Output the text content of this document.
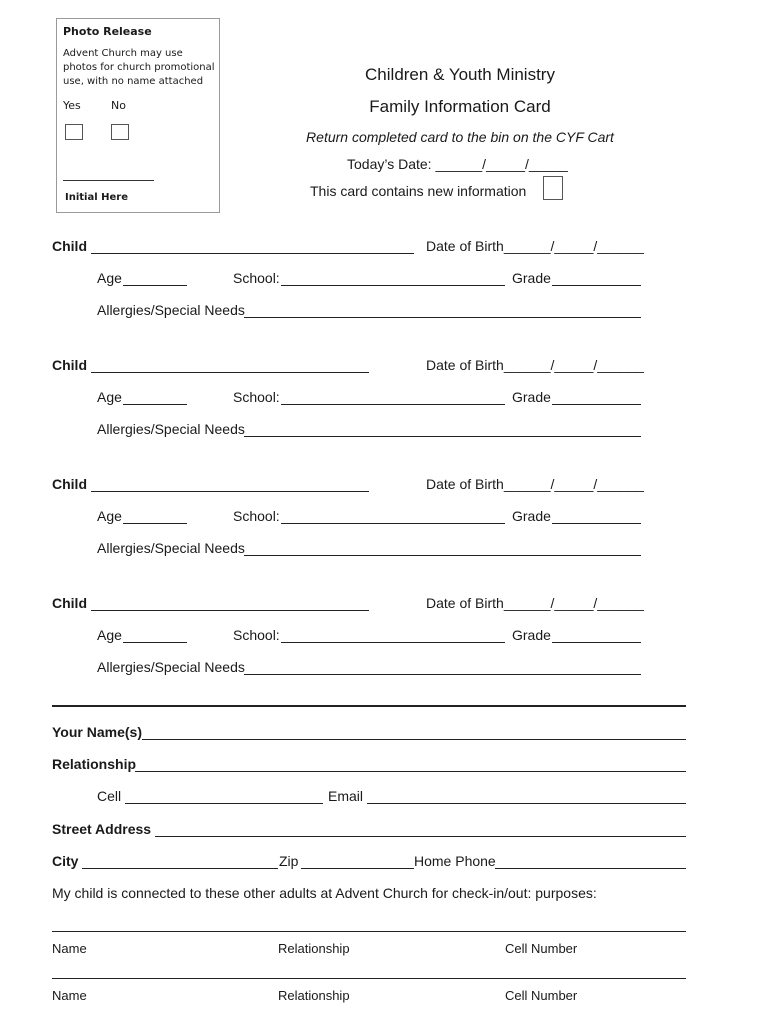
Photo Release
Advent Church may use photos for church promotional use, with no name attached
Yes	No
Initial Here
Children & Youth Ministry
Family Information Card
Return completed card to the bin on the CYF Cart
Today’s Date: ______/_____/_____
This card contains new information
Child	Date of Birth______/_____/______
Age	School:	Grade
Allergies/Special Needs
Child	Date of Birth______/_____/______
Age	School:	Grade
Allergies/Special Needs
Child	Date of Birth______/_____/______
Age	School:	Grade
Allergies/Special Needs
Child	Date of Birth______/_____/______
Age	School:	Grade
Allergies/Special Needs
Your Name(s)
Relationship
Cell	Email
Street Address
City	Zip	Home Phone
My child is connected to these other adults at Advent Church for check-in/out: purposes:
Name	Relationship	Cell Number
Name	Relationship	Cell Number
